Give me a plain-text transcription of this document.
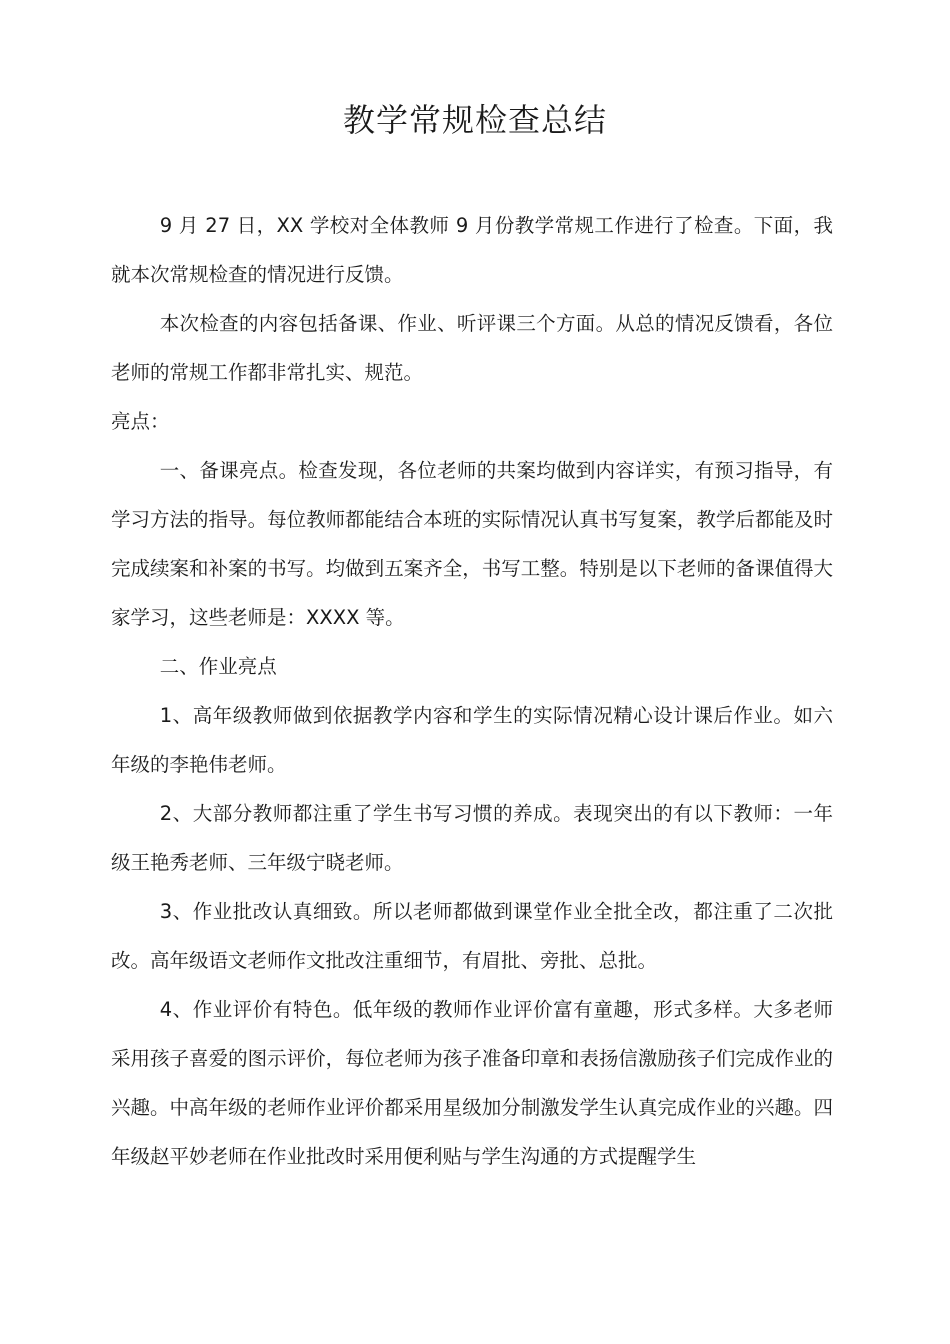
教学常规检查总结

9 月 27 日，XX 学校对全体教师 9 月份教学常规工作进行了检查。下面，我就本次常规检查的情况进行反馈。

本次检查的内容包括备课、作业、听评课三个方面。从总的情况反馈看，各位老师的常规工作都非常扎实、规范。

亮点：

一、备课亮点。检查发现，各位老师的共案均做到内容详实，有预习指导，有学习方法的指导。每位教师都能结合本班的实际情况认真书写复案，教学后都能及时完成续案和补案的书写。均做到五案齐全，书写工整。特别是以下老师的备课值得大家学习，这些老师是：XXXX 等。

二、作业亮点

1、高年级教师做到依据教学内容和学生的实际情况精心设计课后作业。如六年级的李艳伟老师。

2、大部分教师都注重了学生书写习惯的养成。表现突出的有以下教师：一年级王艳秀老师、三年级宁晓老师。

3、作业批改认真细致。所以老师都做到课堂作业全批全改，都注重了二次批改。高年级语文老师作文批改注重细节，有眉批、旁批、总批。

4、作业评价有特色。低年级的教师作业评价富有童趣，形式多样。大多老师采用孩子喜爱的图示评价，每位老师为孩子准备印章和表扬信激励孩子们完成作业的兴趣。中高年级的老师作业评价都采用星级加分制激发学生认真完成作业的兴趣。四年级赵平妙老师在作业批改时采用便利贴与学生沟通的方式提醒学生
